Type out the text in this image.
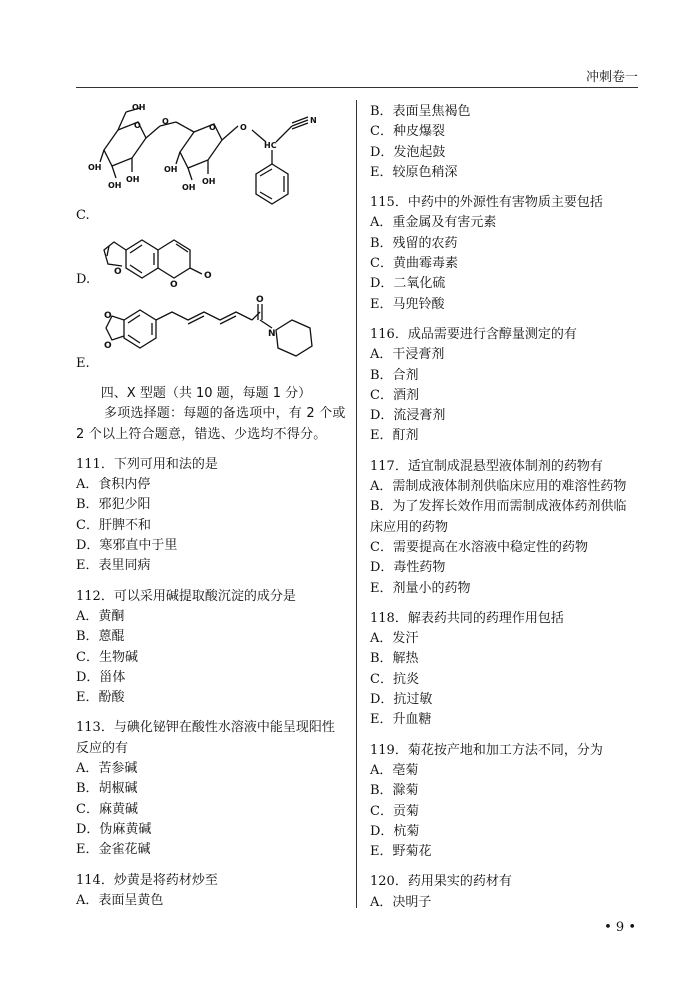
冲刺卷一
OH
O
OH
OH
OH
O
O
OH
OH
OH
O
HC
N
C.
O
O
O
D.
O
O
O
N
E.
四、X 型题（共 10 题，每题 1 分）
多项选择题：每题的备选项中，有 2 个或 2 个以上符合题意，错选、少选均不得分。
111．下列可用和法的是
A．食积内停
B．邪犯少阳
C．肝脾不和
D．寒邪直中于里
E．表里同病
112．可以采用碱提取酸沉淀的成分是
A．黄酮
B．蒽醌
C．生物碱
D．甾体
E．酚酸
113．与碘化铋钾在酸性水溶液中能呈现阳性
反应的有
A．苦参碱
B．胡椒碱
C．麻黄碱
D．伪麻黄碱
E．金雀花碱
114．炒黄是将药材炒至
A．表面呈黄色
B．表面呈焦褐色
C．种皮爆裂
D．发泡起鼓
E．较原色稍深
115．中药中的外源性有害物质主要包括
A．重金属及有害元素
B．残留的农药
C．黄曲霉毒素
D．二氧化硫
E．马兜铃酸
116．成品需要进行含醇量测定的有
A．干浸膏剂
B．合剂
C．酒剂
D．流浸膏剂
E．酊剂
117．适宜制成混悬型液体制剂的药物有
A．需制成液体制剂供临床应用的难溶性药物
B．为了发挥长效作用而需制成液体药剂供临
床应用的药物
C．需要提高在水溶液中稳定性的药物
D．毒性药物
E．剂量小的药物
118．解表药共同的药理作用包括
A．发汗
B．解热
C．抗炎
D．抗过敏
E．升血糖
119．菊花按产地和加工方法不同，分为
A．亳菊
B．滁菊
C．贡菊
D．杭菊
E．野菊花
120．药用果实的药材有
A．决明子
• 9 •
